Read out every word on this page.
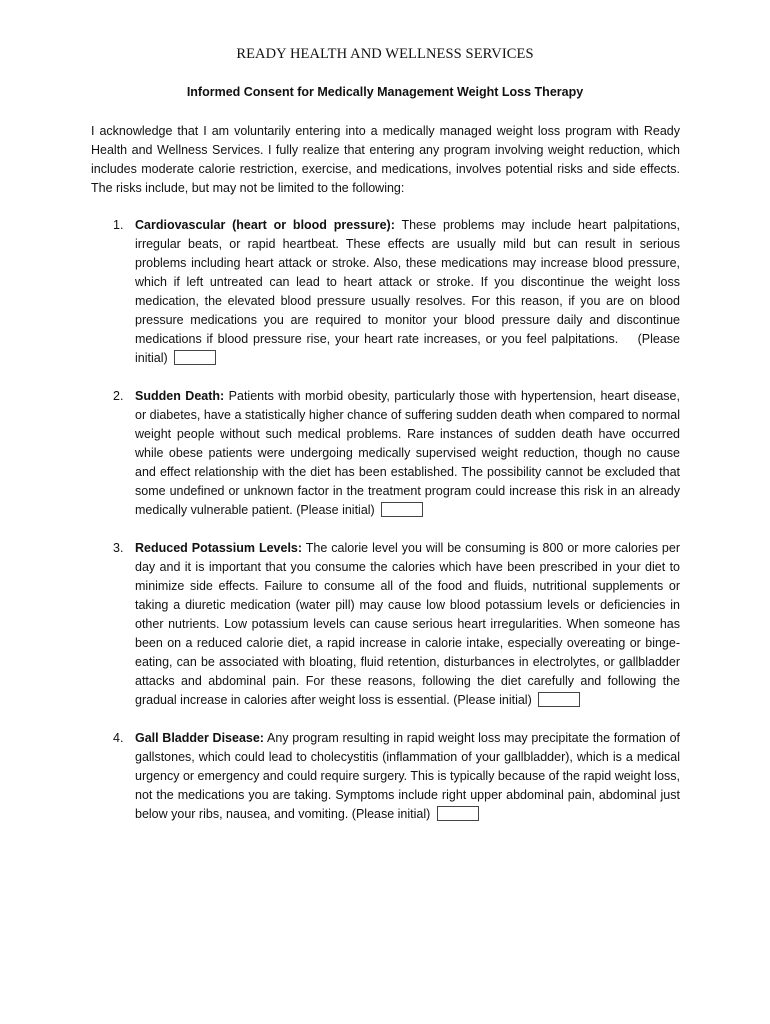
READY HEALTH AND WELLNESS SERVICES
Informed Consent for Medically Management Weight Loss Therapy

I acknowledge that I am voluntarily entering into a medically managed weight loss program with Ready Health and Wellness Services. I fully realize that entering any program involving weight reduction, which includes moderate calorie restriction, exercise, and medications, involves potential risks and side effects. The risks include, but may not be limited to the following:

1. Cardiovascular (heart or blood pressure): These problems may include heart palpitations, irregular beats, or rapid heartbeat. These effects are usually mild but can result in serious problems including heart attack or stroke. Also, these medications may increase blood pressure, which if left untreated can lead to heart attack or stroke. If you discontinue the weight loss medication, the elevated blood pressure usually resolves. For this reason, if you are on blood pressure medications you are required to monitor your blood pressure daily and discontinue medications if blood pressure rise, your heart rate increases, or you feel palpitations. (Please initial)
2. Sudden Death: Patients with morbid obesity, particularly those with hypertension, heart disease, or diabetes, have a statistically higher chance of suffering sudden death when compared to normal weight people without such medical problems. Rare instances of sudden death have occurred while obese patients were undergoing medically supervised weight reduction, though no cause and effect relationship with the diet has been established. The possibility cannot be excluded that some undefined or unknown factor in the treatment program could increase this risk in an already medically vulnerable patient. (Please initial)
3. Reduced Potassium Levels: The calorie level you will be consuming is 800 or more calories per day and it is important that you consume the calories which have been prescribed in your diet to minimize side effects. Failure to consume all of the food and fluids, nutritional supplements or taking a diuretic medication (water pill) may cause low blood potassium levels or deficiencies in other nutrients. Low potassium levels can cause serious heart irregularities. When someone has been on a reduced calorie diet, a rapid increase in calorie intake, especially overeating or binge-eating, can be associated with bloating, fluid retention, disturbances in electrolytes, or gallbladder attacks and abdominal pain. For these reasons, following the diet carefully and following the gradual increase in calories after weight loss is essential. (Please initial)
4. Gall Bladder Disease: Any program resulting in rapid weight loss may precipitate the formation of gallstones, which could lead to cholecystitis (inflammation of your gallbladder), which is a medical urgency or emergency and could require surgery. This is typically because of the rapid weight loss, not the medications you are taking. Symptoms include right upper abdominal pain, abdominal just below your ribs, nausea, and vomiting. (Please initial)
